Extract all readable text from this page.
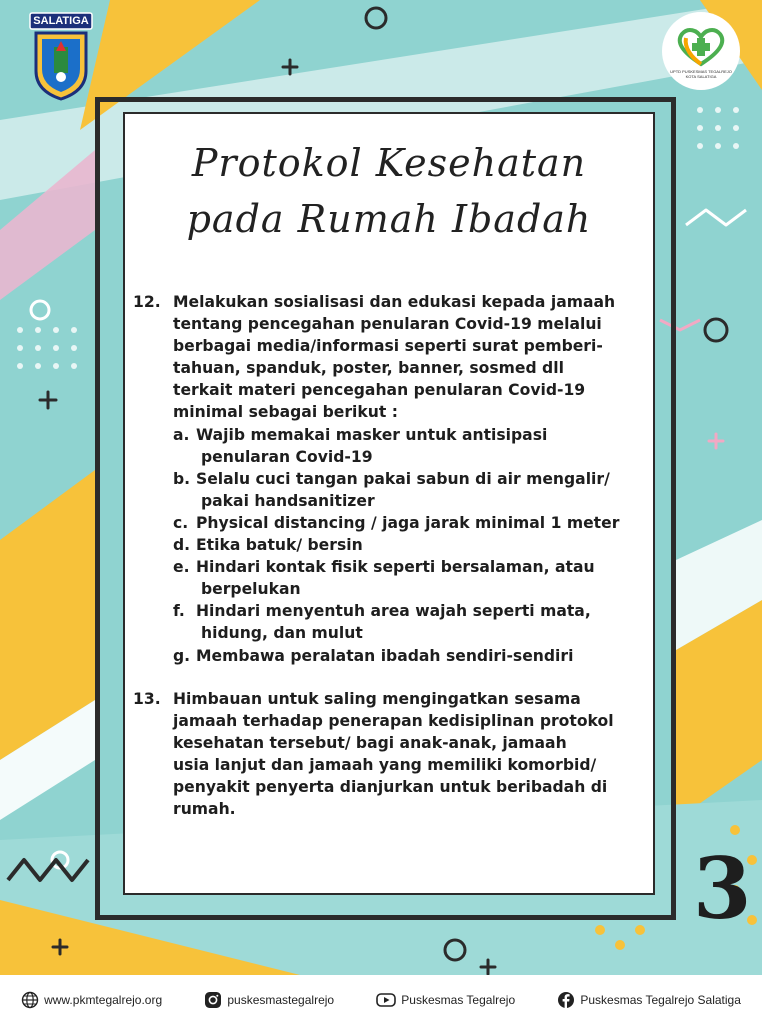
SALATIGA
UPTD PUSKESMAS TEGALREJO
KOTA SALATIGA
Protokol Kesehatan
pada Rumah Ibadah
12. Melakukan sosialisasi dan edukasi kepada jamaah
tentang pencegahan penularan Covid-19 melalui
berbagai media/informasi seperti surat pemberi-
tahuan, spanduk, poster, banner, sosmed dll
terkait materi pencegahan penularan Covid-19
minimal sebagai berikut :
a. Wajib memakai masker untuk antisipasi
penularan Covid-19
b. Selalu cuci tangan pakai sabun di air mengalir/
pakai handsanitizer
c. Physical distancing / jaga jarak minimal 1 meter
d. Etika batuk/ bersin
e. Hindari kontak fisik seperti bersalaman, atau
berpelukan
f. Hindari menyentuh area wajah seperti mata,
hidung, dan mulut
g. Membawa peralatan ibadah sendiri-sendiri
13. Himbauan untuk saling mengingatkan sesama
jamaah terhadap penerapan kedisiplinan protokol
kesehatan tersebut/ bagi anak-anak, jamaah
usia lanjut dan jamaah yang memiliki komorbid/
penyakit penyerta dianjurkan untuk beribadah di
rumah.
3
www.pkmtegalrejo.org	puskesmastegalrejo	Puskesmas Tegalrejo	Puskesmas Tegalrejo Salatiga
